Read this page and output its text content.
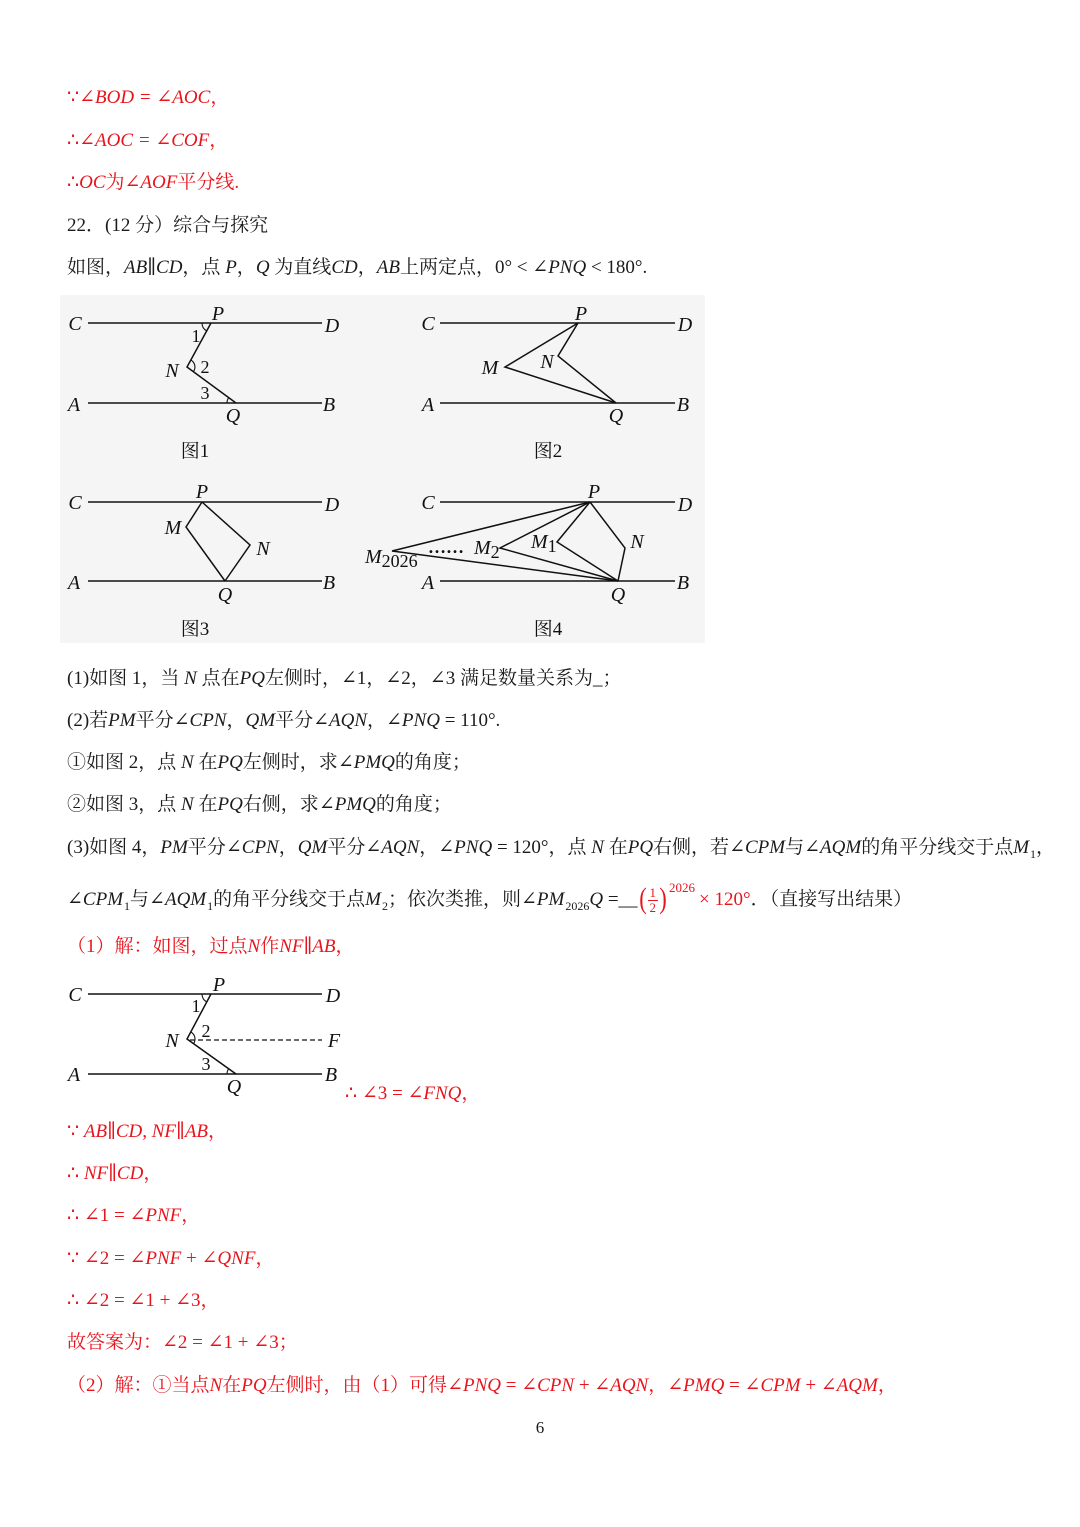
∵∠BOD = ∠AOC，
∴∠AOC = ∠COF，
∴OC为∠AOF平分线.
22．(12 分）综合与探究
如图，AB∥CD，点 P，Q 为直线CD，AB上两定点，0° < ∠PNQ < 180°.
C	P
D
N
A	B
Q
1
2
3
图1
C	P	D
M N
A	B
Q
图2
C	P
D
M
N
A	B
Q
图3
C	P
D
N
M1
M2
M2026
……
A	B
Q
图4
(1)如图 1，当 N 点在PQ左侧时，∠1，∠2，∠3 满足数量关系为_；
(2)若PM平分∠CPN，QM平分∠AQN，∠PNQ = 110°.
①如图 2，点 N 在PQ左侧时，求∠PMQ的角度；
②如图 3，点 N 在PQ右侧，求∠PMQ的角度；
(3)如图 4，PM平分∠CPN，QM平分∠AQN，∠PNQ = 120°，点 N 在PQ右侧，若∠CPM与∠AQM的角平分线交于点$M_1$，
$\angle CPM_1$与$\angle AQM_1$的角平分线交于点$M_2$；依次类推，则$\angle PM_{2026}Q$ =__( $\frac{1}{2}$ ) $^{2026}$× 120°．（直接写出结果）
（1）解：如图，过点N作NF∥AB，
C	P	D
N	F
A	B
Q
1
2
3
∴ ∠3 = ∠FNQ，
∵ AB∥CD, NF∥AB，
∴ NF∥CD，
∴ ∠1 = ∠PNF，
∵ ∠2 = ∠PNF + ∠QNF，
∴ ∠2 = ∠1 + ∠3，
故答案为：∠2 = ∠1 + ∠3；
（2）解：①当点N在PQ左侧时，由（1）可得∠PNQ = ∠CPN + ∠AQN，∠PMQ = ∠CPM + ∠AQM，
6
